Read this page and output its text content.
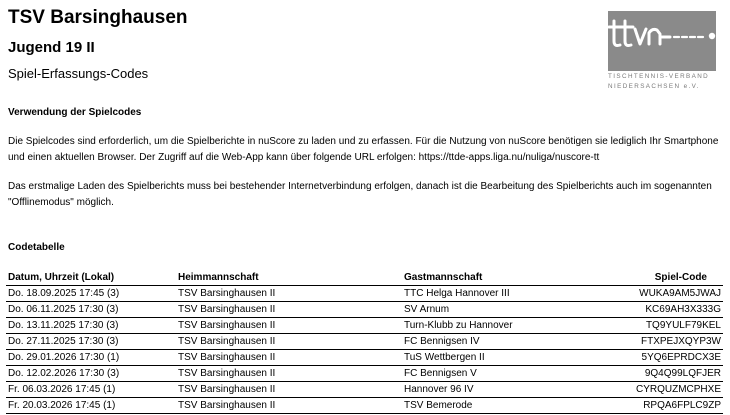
TSV Barsinghausen
Jugend 19 II
Spiel-Erfassungs-Codes	TISCHTENNIS-VERBAND
NIEDERSACHSEN e.V.
Verwendung der Spielcodes
Die Spielcodes sind erforderlich, um die Spielberichte in nuScore zu laden und zu erfassen. Für die Nutzung von nuScore benötigen sie lediglich Ihr Smartphone und einen aktuellen Browser. Der Zugriff auf die Web-App kann über folgende URL erfolgen: https://ttde-apps.liga.nu/nuliga/nuscore-tt
Das erstmalige Laden des Spielberichts muss bei bestehender Internetverbindung erfolgen, danach ist die Bearbeitung des Spielberichts auch im sogenannten "Offlinemodus" möglich.
Codetabelle
Datum, Uhrzeit (Lokal)	Heimmannschaft	Gastmannschaft	Spiel-Code
Do. 18.09.2025 17:45 (3)	TSV Barsinghausen II	TTC Helga Hannover III	WUKA9AM5JWAJ
Do. 06.11.2025 17:30 (3)	TSV Barsinghausen II	SV Arnum	KC69AH3X333G
Do. 13.11.2025 17:30 (3)	TSV Barsinghausen II	Turn-Klubb zu Hannover	TQ9YULF79KEL
Do. 27.11.2025 17:30 (3)	TSV Barsinghausen II	FC Bennigsen IV	FTXPEJXQYP3W
Do. 29.01.2026 17:30 (1)	TSV Barsinghausen II	TuS Wettbergen II	5YQ6EPRDCX3E
Do. 12.02.2026 17:30 (3)	TSV Barsinghausen II	FC Bennigsen V	9Q4Q99LQFJER
Fr. 06.03.2026 17:45 (1)	TSV Barsinghausen II	Hannover 96 IV	CYRQUZMCPHXE
Fr. 20.03.2026 17:45 (1)	TSV Barsinghausen II	TSV Bemerode	RPQA6FPLC9ZP
